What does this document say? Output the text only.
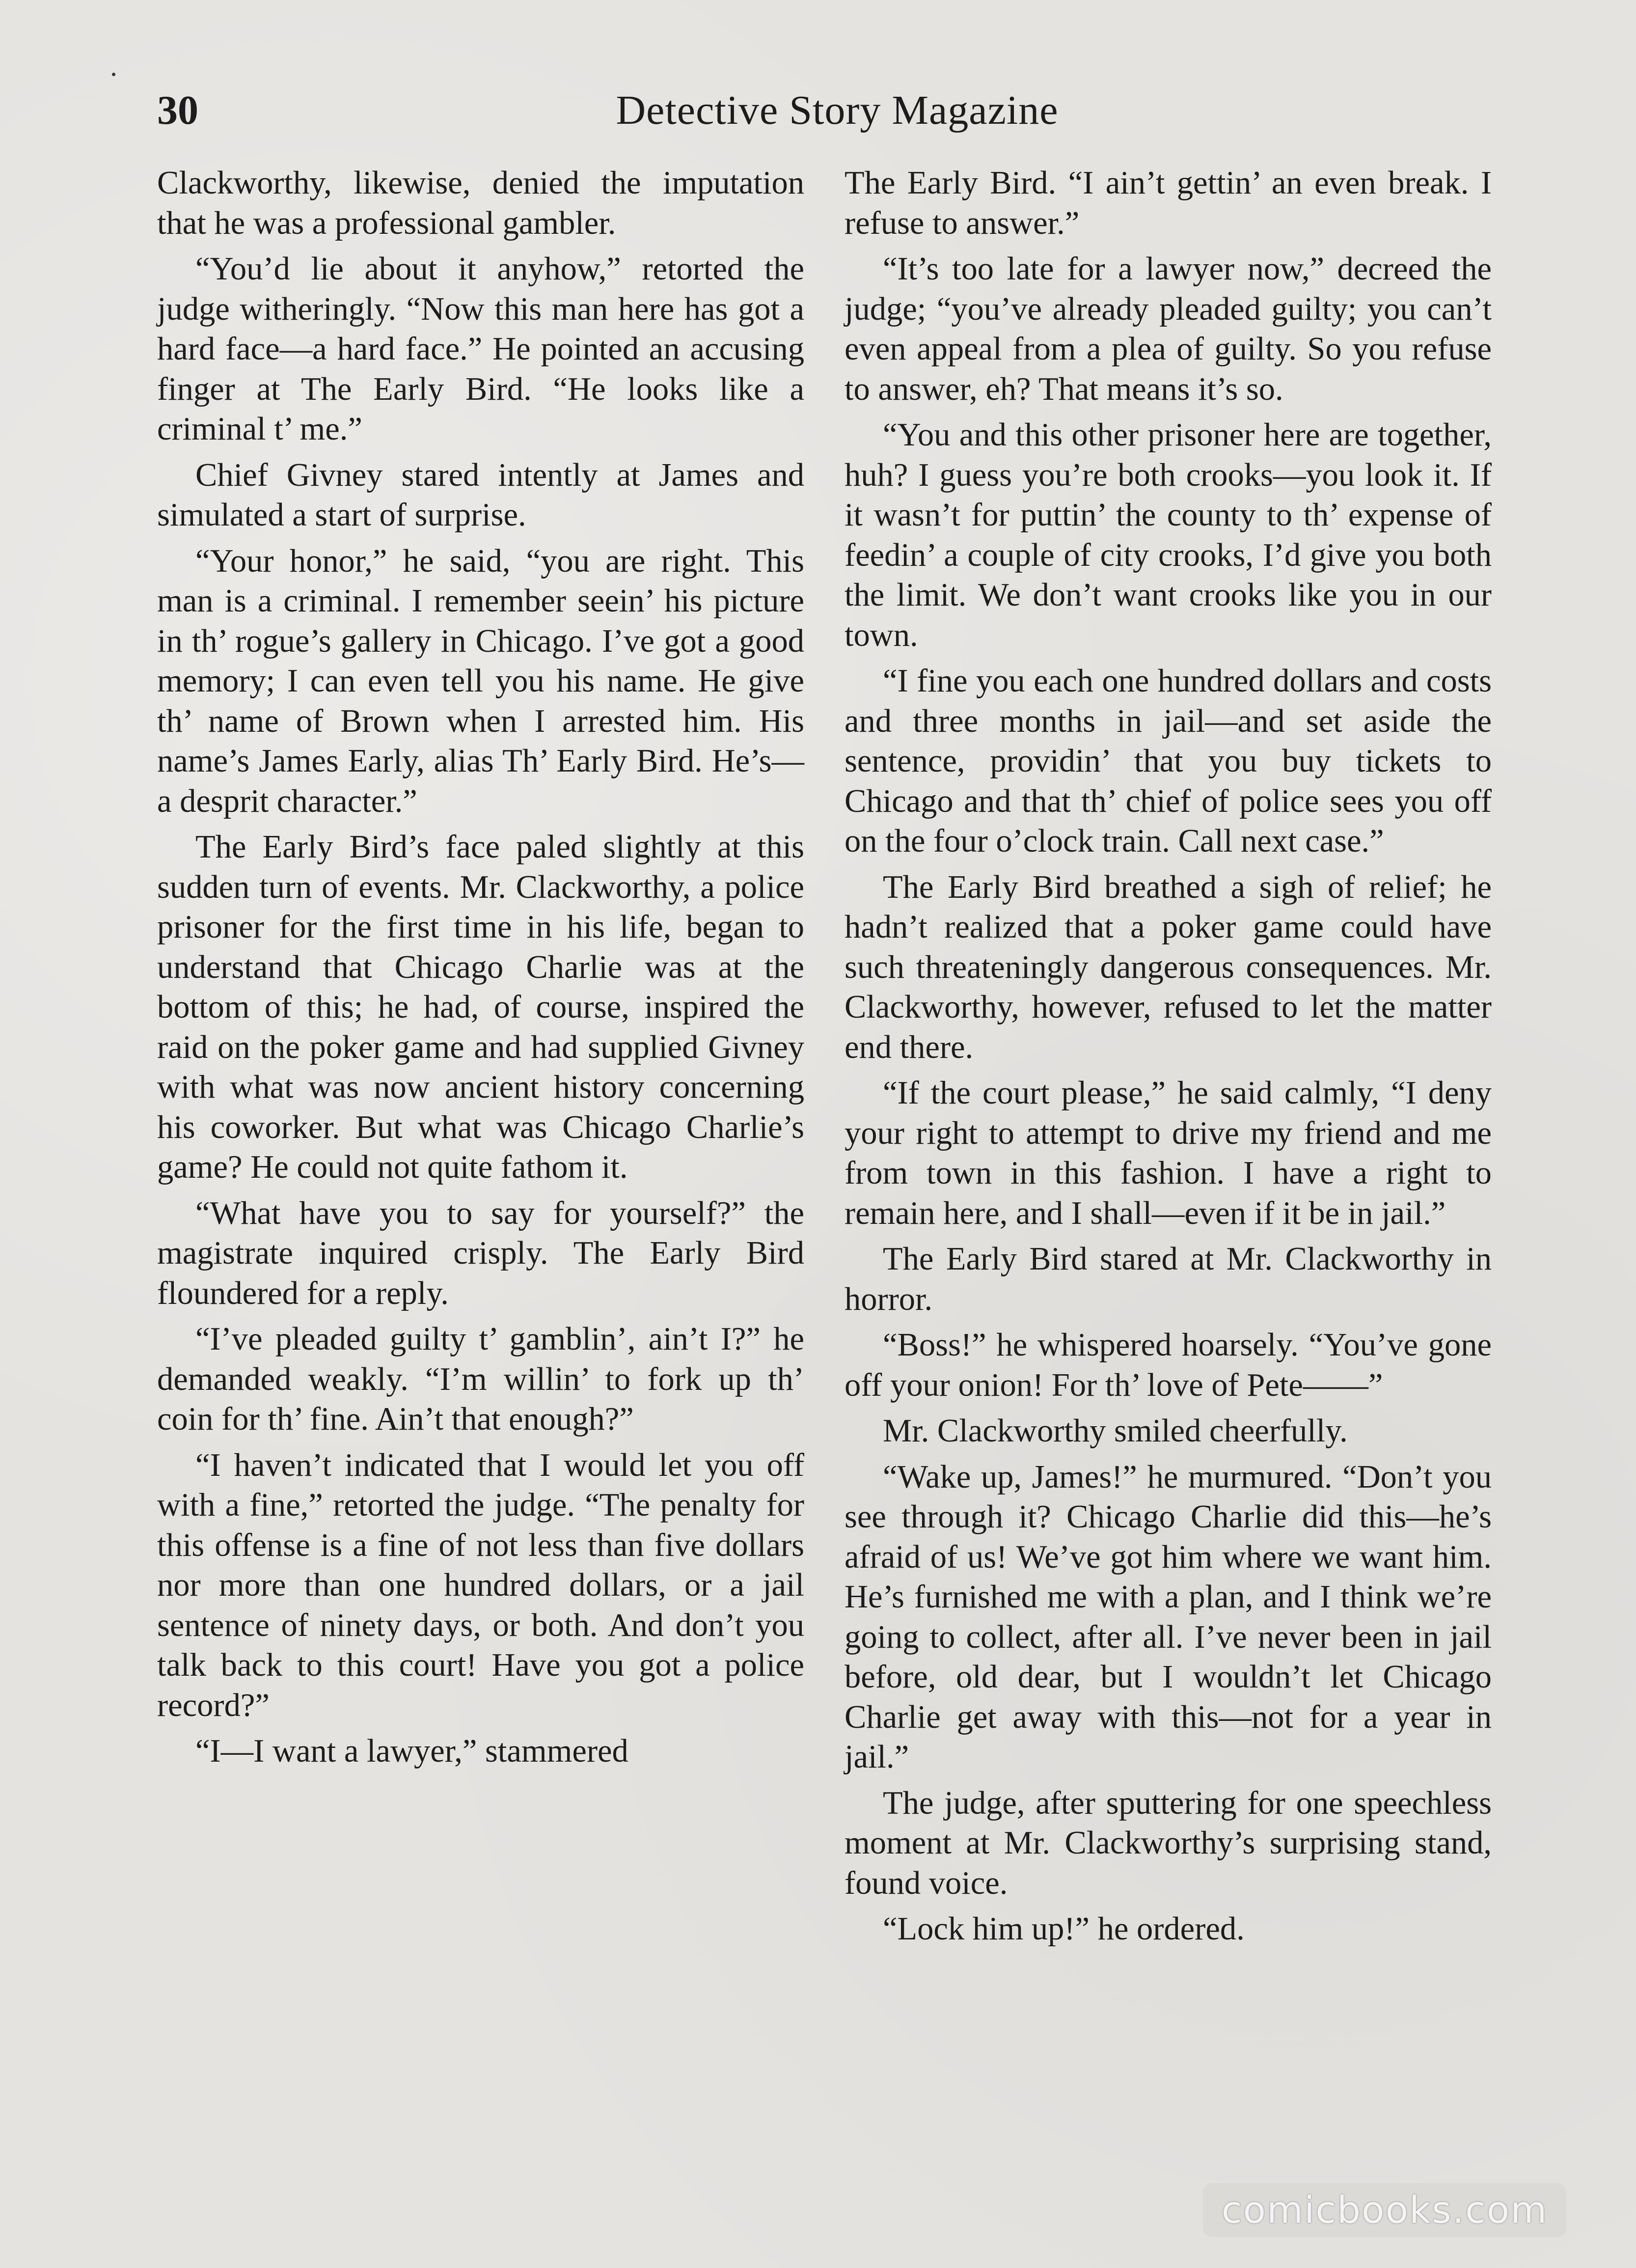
30	Detective Story Magazine

Clackworthy, likewise, denied the imputation that he was a professional gambler.

“You’d lie about it anyhow,” retorted the judge witheringly. “Now this man here has got a hard face—a hard face.” He pointed an accusing finger at The Early Bird. “He looks like a criminal t’ me.”

Chief Givney stared intently at James and simulated a start of surprise.

“Your honor,” he said, “you are right. This man is a criminal. I remember seein’ his picture in th’ rogue’s gallery in Chicago. I’ve got a good memory; I can even tell you his name. He give th’ name of Brown when I arrested him. His name’s James Early, alias Th’ Early Bird. He’s—a desprit character.”

The Early Bird’s face paled slightly at this sudden turn of events. Mr. Clackworthy, a police prisoner for the first time in his life, began to understand that Chicago Charlie was at the bottom of this; he had, of course, inspired the raid on the poker game and had supplied Givney with what was now ancient history concerning his coworker. But what was Chicago Charlie’s game? He could not quite fathom it.

“What have you to say for yourself?” the magistrate inquired crisply. The Early Bird floundered for a reply.

“I’ve pleaded guilty t’ gamblin’, ain’t I?” he demanded weakly. “I’m willin’ to fork up th’ coin for th’ fine. Ain’t that enough?”

“I haven’t indicated that I would let you off with a fine,” retorted the judge. “The penalty for this offense is a fine of not less than five dollars nor more than one hundred dollars, or a jail sentence of ninety days, or both. And don’t you talk back to this court! Have you got a police record?”

“I—I want a lawyer,” stammered

The Early Bird. “I ain’t gettin’ an even break. I refuse to answer.”

“It’s too late for a lawyer now,” decreed the judge; “you’ve already pleaded guilty; you can’t even appeal from a plea of guilty. So you refuse to answer, eh? That means it’s so.

“You and this other prisoner here are together, huh? I guess you’re both crooks—you look it. If it wasn’t for puttin’ the county to th’ expense of feedin’ a couple of city crooks, I’d give you both the limit. We don’t want crooks like you in our town.

“I fine you each one hundred dollars and costs and three months in jail—and set aside the sentence, providin’ that you buy tickets to Chicago and that th’ chief of police sees you off on the four o’clock train. Call next case.”

The Early Bird breathed a sigh of relief; he hadn’t realized that a poker game could have such threateningly dangerous consequences. Mr. Clackworthy, however, refused to let the matter end there.

“If the court please,” he said calmly, “I deny your right to attempt to drive my friend and me from town in this fashion. I have a right to remain here, and I shall—even if it be in jail.”

The Early Bird stared at Mr. Clackworthy in horror.

“Boss!” he whispered hoarsely. “You’ve gone off your onion! For th’ love of Pete——”

Mr. Clackworthy smiled cheerfully.

“Wake up, James!” he murmured. “Don’t you see through it? Chicago Charlie did this—he’s afraid of us! We’ve got him where we want him. He’s furnished me with a plan, and I think we’re going to collect, after all. I’ve never been in jail before, old dear, but I wouldn’t let Chicago Charlie get away with this—not for a year in jail.”

The judge, after sputtering for one speechless moment at Mr. Clackworthy’s surprising stand, found voice.

“Lock him up!” he ordered.

comicbooks.com
